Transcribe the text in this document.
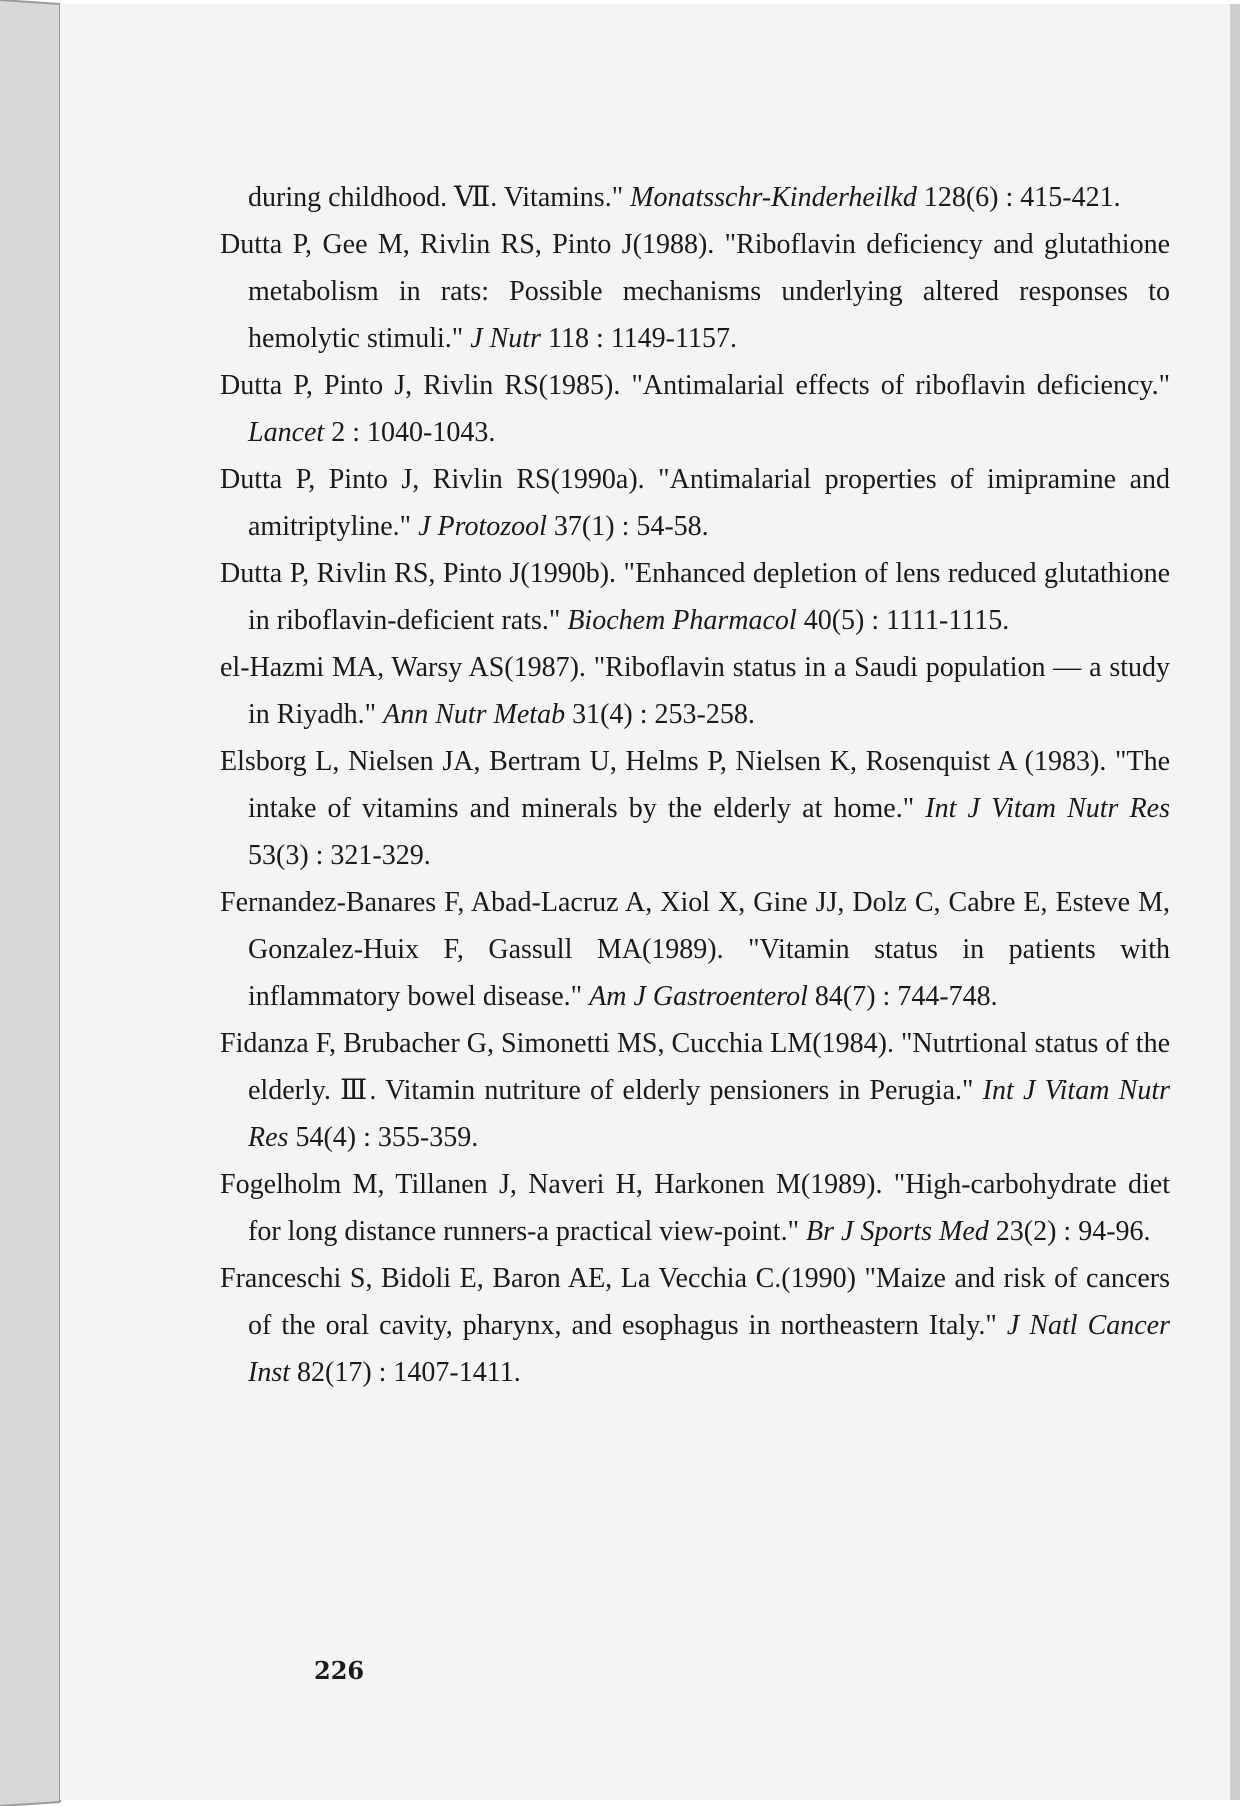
during childhood. Ⅶ. Vitamins." Monatsschr-Kinderheilkd 128(6) : 415-421.

Dutta P, Gee M, Rivlin RS, Pinto J(1988). "Riboflavin deficiency and glutathione metabolism in rats: Possible mechanisms underlying altered responses to hemolytic stimuli." J Nutr 118 : 1149-1157.

Dutta P, Pinto J, Rivlin RS(1985). "Antimalarial effects of riboflavin deficiency." Lancet 2 : 1040-1043.

Dutta P, Pinto J, Rivlin RS(1990a). "Antimalarial properties of imipramine and amitriptyline." J Protozool 37(1) : 54-58.

Dutta P, Rivlin RS, Pinto J(1990b). "Enhanced depletion of lens reduced glutathione in riboflavin-deficient rats." Biochem Pharmacol 40(5) : 1111-1115.

el-Hazmi MA, Warsy AS(1987). "Riboflavin status in a Saudi population — a study in Riyadh." Ann Nutr Metab 31(4) : 253-258.

Elsborg L, Nielsen JA, Bertram U, Helms P, Nielsen K, Rosenquist A (1983). "The intake of vitamins and minerals by the elderly at home." Int J Vitam Nutr Res 53(3) : 321-329.

Fernandez-Banares F, Abad-Lacruz A, Xiol X, Gine JJ, Dolz C, Cabre E, Esteve M, Gonzalez-Huix F, Gassull MA(1989). "Vitamin status in patients with inflammatory bowel disease." Am J Gastroenterol 84(7) : 744-748.

Fidanza F, Brubacher G, Simonetti MS, Cucchia LM(1984). "Nutrtional status of the elderly. Ⅲ. Vitamin nutriture of elderly pensioners in Perugia." Int J Vitam Nutr Res 54(4) : 355-359.

Fogelholm M, Tillanen J, Naveri H, Harkonen M(1989). "High-carbohydrate diet for long distance runners-a practical view-point." Br J Sports Med 23(2) : 94-96.

Franceschi S, Bidoli E, Baron AE, La Vecchia C.(1990) "Maize and risk of cancers of the oral cavity, pharynx, and esophagus in northeastern Italy." J Natl Cancer Inst 82(17) : 1407-1411.

226
